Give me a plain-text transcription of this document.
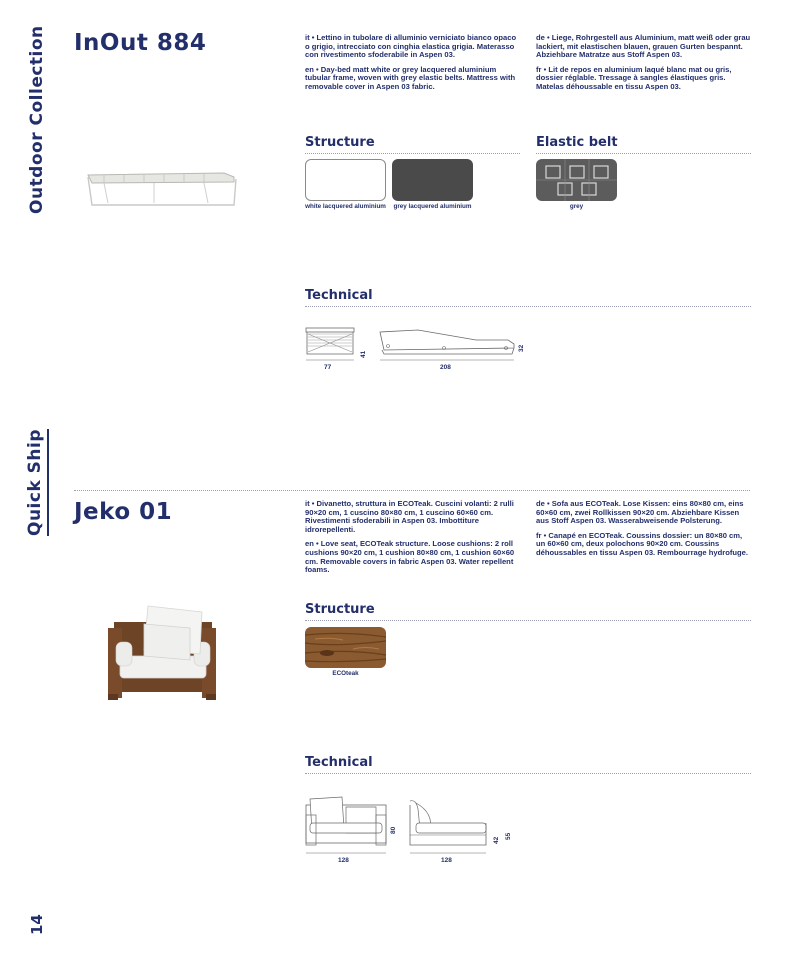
Outdoor Collection
Quick Ship
14
InOut 884	it • Lettino in tubolare di alluminio verniciato bianco opaco o grigio, intrecciato con cinghia elastica grigia. Materasso con rivestimento sfoderabile in Aspen 03.

en • Day-bed matt white or grey lacquered aluminium tubular frame, woven with grey elastic belts. Mattress with removable cover in Aspen 03 fabric.

de • Liege, Rohrgestell aus Aluminium, matt weiß oder grau lackiert, mit elastischen blauen, grauen Gurten bespannt. Abziehbare Matratze aus Stoff Aspen 03.

fr • Lit de repos en aluminium laqué blanc mat ou gris, dossier réglable. Tressage à sangles élastiques gris. Matelas déhoussable en tissu Aspen 03.

Structure
white lacquered aluminium grey lacquered aluminium
Elastic belt
grey
Technical
77
41
208
32
Jeko 01	it • Divanetto, struttura in ECOTeak. Cuscini volanti: 2 rulli 90×20 cm, 1 cuscino 80×80 cm, 1 cuscino 60×60 cm. Rivestimenti sfoderabili in Aspen 03. Imbottiture idrorepellenti.

en • Love seat, ECOTeak structure. Loose cushions: 2 roll cushions 90×20 cm, 1 cushion 80×80 cm, 1 cushion 60×60 cm. Removable covers in fabric Aspen 03. Water repellent foams.

de • Sofa aus ECOTeak. Lose Kissen: eins 80×80 cm, eins 60×60 cm, zwei Rollkissen 90×20 cm. Abziehbare Kissen aus Stoff Aspen 03. Wasserabweisende Polsterung.

fr • Canapé en ECOTeak. Coussins dossier: un 80×80 cm, un 60×60 cm, deux polochons 90×20 cm. Coussins déhoussables en tissu Aspen 03. Rembourrage hydrofuge.

Structure
ECOteak
Technical
128
80
128
42
55
